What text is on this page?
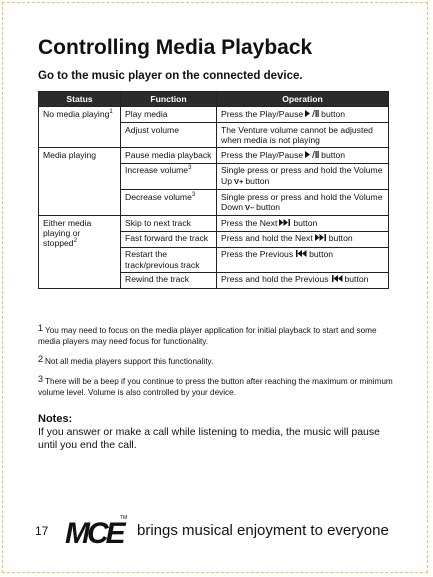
Controlling Media Playback
Go to the music player on the connected device.
Status	Function	Operation
No media playing$^1$	Play media	Press the Play/Pause button
	Adjust volume	The Venture volume cannot be adjusted when media is not playing
Media playing	Pause media playback	Press the Play/Pause button
	Increase volume$^3$	Single press or press and hold the Volume Up V+ button
	Decrease volume$^3$	Single press or press and hold the Volume Down V– button
Either media playing or stopped$^2$	Skip to next track	Press the Next button
	Fast forward the track	Press and hold the Next button
	Restart the track/previous track	Press the Previous button
	Rewind the track	Press and hold the Previous button
1 You may need to focus on the media player application for initial playback to start and some media players may need focus for functionality.
2 Not all media players support this functionality.
3 There will be a beep if you continue to press the button after reaching the maximum or minimum volume level. Volume is also controlled by your device.
Notes:
If you answer or make a call while listening to media, the music will pause until you end the call.
17 MCE
TM
brings musical enjoyment to everyone
